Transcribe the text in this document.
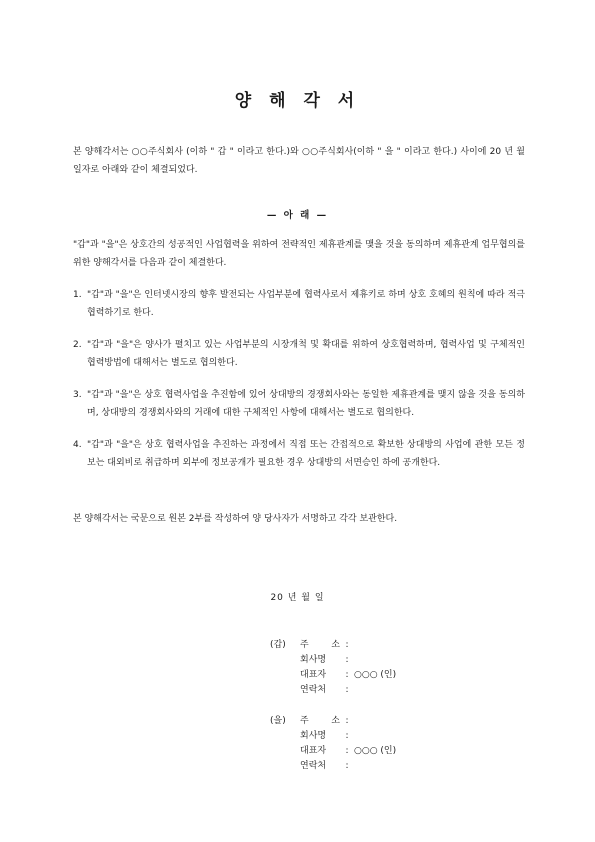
양 해 각 서
본 양해각서는 ○○주식회사 (이하 " 갑 " 이라고 한다.)와 ○○주식회사(이하 " 을 " 이라고 한다.) 사이에 20 년 월 일자로 아래와 같이 체결되었다.
— 아 래 —
"갑"과 "을"은 상호간의 성공적인 사업협력을 위하여 전략적인 제휴관계를 맺을 것을 동의하며 제휴관계 업무협의를 위한 양해각서를 다음과 같이 체결한다.
1. "갑"과 "을"은 인터넷시장의 향후 발전되는 사업부분에 협력사로서 제휴키로 하며 상호 호혜의 원칙에 따라 적극 협력하기로 한다.
2. "갑"과 "을"은 양사가 펼치고 있는 사업부분의 시장개척 및 확대를 위하여 상호협력하며, 협력사업 및 구체적인 협력방법에 대해서는 별도로 협의한다.
3. "갑"과 "을"은 상호 협력사업을 추진함에 있어 상대방의 경쟁회사와는 동일한 제휴관계를 맺지 않을 것을 동의하며, 상대방의 경쟁회사와의 거래에 대한 구체적인 사항에 대해서는 별도로 협의한다.
4. "갑"과 "을"은 상호 협력사업을 추진하는 과정에서 직접 또는 간접적으로 확보한 상대방의 사업에 관한 모든 정보는 대외비로 취급하며 외부에 정보공개가 필요한 경우 상대방의 서면승인 하에 공개한다.
본 양해각서는 국문으로 원본 2부를 작성하여 양 당사자가 서명하고 각각 보관한다.
20 년 월 일
(갑)	주 소 :
회사명	:
대표자	: ○○○ (인)
연락처	:
(을)	주 소 :
회사명	:
대표자	: ○○○ (인)
연락처	:
